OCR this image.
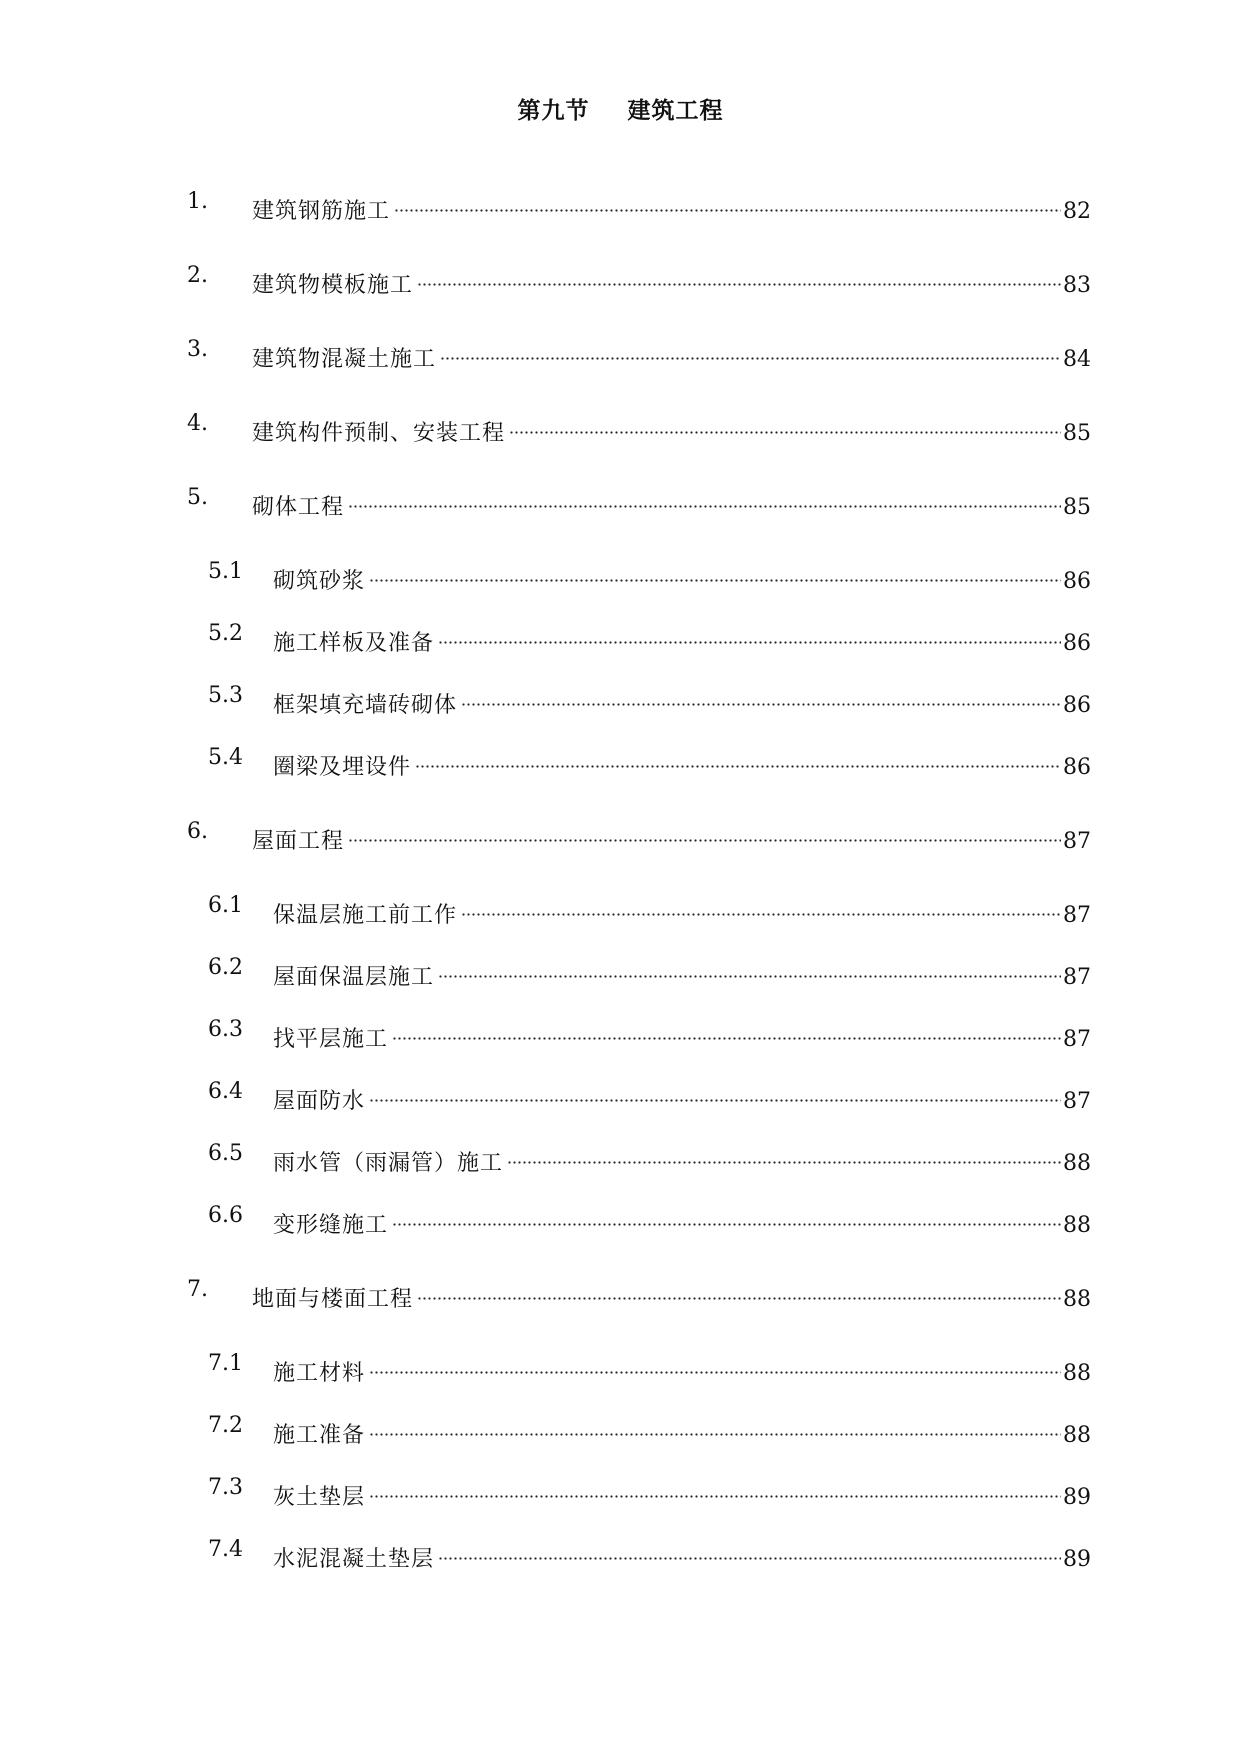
第九节 建筑工程
1. 建筑钢筋施工	82
2. 建筑物模板施工	83
3. 建筑物混凝土施工	84
4. 建筑构件预制、安装工程	85
5. 砌体工程	85
5.1 砌筑砂浆	86
5.2 施工样板及准备	86
5.3 框架填充墙砖砌体	86
5.4 圈梁及埋设件	86
6. 屋面工程	87
6.1 保温层施工前工作	87
6.2 屋面保温层施工	87
6.3 找平层施工	87
6.4 屋面防水	87
6.5 雨水管（雨漏管）施工	88
6.6 变形缝施工	88
7. 地面与楼面工程	88
7.1 施工材料	88
7.2 施工准备	88
7.3 灰土垫层	89
7.4 水泥混凝土垫层	89
